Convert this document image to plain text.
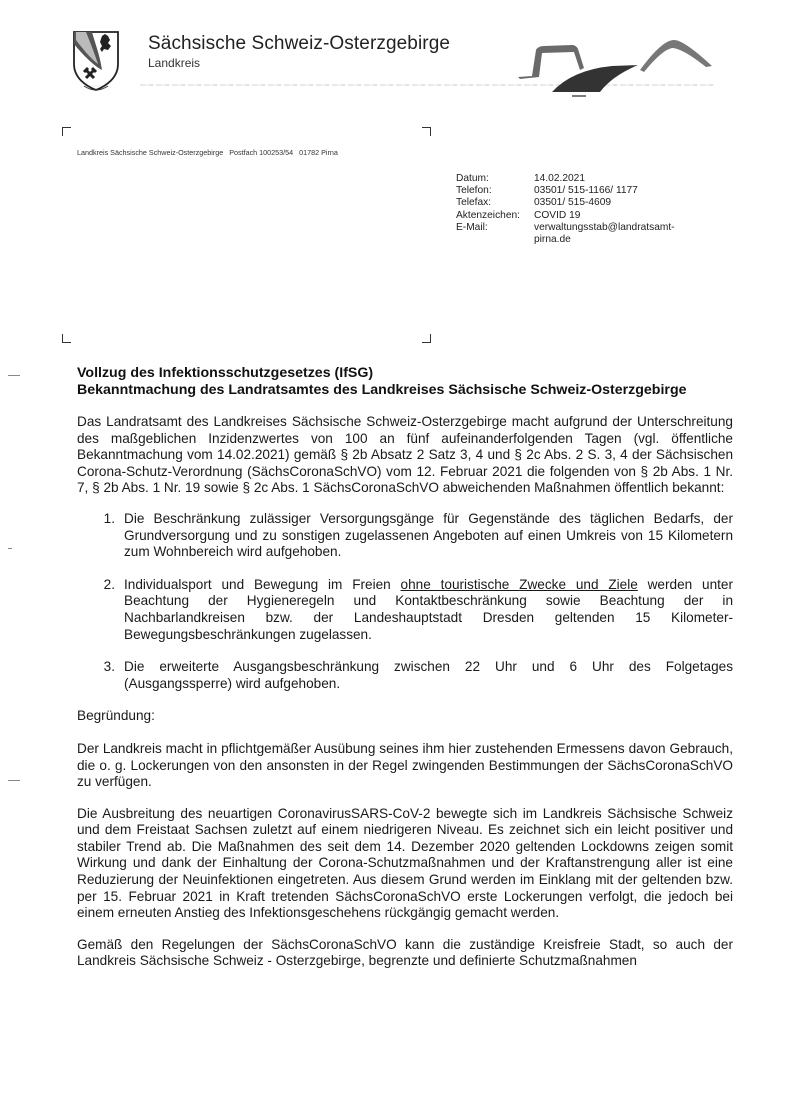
Sächsische Schweiz-Osterzgebirge
Landkreis
Landkreis Sächsische Schweiz-Osterzgebirge   Postfach 100253/54   01782 Pirna
Datum:	14.02.2021
Telefon:	03501/ 515-1166/ 1177
Telefax:	03501/ 515-4609
Aktenzeichen:	COVID 19
E-Mail:	verwaltungsstab@landratsamt-pirna.de
Vollzug des Infektionsschutzgesetzes (IfSG)
Bekanntmachung des Landratsamtes des Landkreises Sächsische Schweiz-Osterzgebirge

Das Landratsamt des Landkreises Sächsische Schweiz-Osterzgebirge macht aufgrund der Unterschreitung des maßgeblichen Inzidenzwertes von 100 an fünf aufeinanderfolgenden Tagen (vgl. öffentliche Bekanntmachung vom 14.02.2021) gemäß § 2b Absatz 2 Satz 3, 4 und § 2c Abs. 2 S. 3, 4 der Sächsischen Corona-Schutz-Verordnung (SächsCoronaSchVO) vom 12. Februar 2021 die folgenden von § 2b Abs. 1 Nr. 7, § 2b Abs. 1 Nr. 19 sowie § 2c Abs. 1 SächsCoronaSchVO abweichenden Maßnahmen öffentlich bekannt:

1. Die Beschränkung zulässiger Versorgungsgänge für Gegenstände des täglichen Bedarfs, der Grundversorgung und zu sonstigen zugelassenen Angeboten auf einen Umkreis von 15 Kilometern zum Wohnbereich wird aufgehoben.
2. Individualsport und Bewegung im Freien ohne touristische Zwecke und Ziele werden unter Beachtung der Hygieneregeln und Kontaktbeschränkung sowie Beachtung der in Nachbarlandkreisen bzw. der Landeshauptstadt Dresden geltenden 15 Kilometer-Bewegungsbeschränkungen zugelassen.
3. Die erweiterte Ausgangsbeschränkung zwischen 22 Uhr und 6 Uhr des Folgetages (Ausgangssperre) wird aufgehoben.

Begründung:

Der Landkreis macht in pflichtgemäßer Ausübung seines ihm hier zustehenden Ermessens davon Gebrauch, die o. g. Lockerungen von den ansonsten in der Regel zwingenden Bestimmungen der SächsCoronaSchVO zu verfügen.

Die Ausbreitung des neuartigen CoronavirusSARS-CoV-2 bewegte sich im Landkreis Sächsische Schweiz und dem Freistaat Sachsen zuletzt auf einem niedrigeren Niveau. Es zeichnet sich ein leicht positiver und stabiler Trend ab. Die Maßnahmen des seit dem 14. Dezember 2020 geltenden Lockdowns zeigen somit Wirkung und dank der Einhaltung der Corona-Schutzmaßnahmen und der Kraftanstrengung aller ist eine Reduzierung der Neuinfektionen eingetreten. Aus diesem Grund werden im Einklang mit der geltenden bzw. per 15. Februar 2021 in Kraft tretenden SächsCoronaSchVO erste Lockerungen verfolgt, die jedoch bei einem erneuten Anstieg des Infektionsgeschehens rückgängig gemacht werden.

Gemäß den Regelungen der SächsCoronaSchVO kann die zuständige Kreisfreie Stadt, so auch der Landkreis Sächsische Schweiz - Osterzgebirge, begrenzte und definierte Schutzmaßnahmen
